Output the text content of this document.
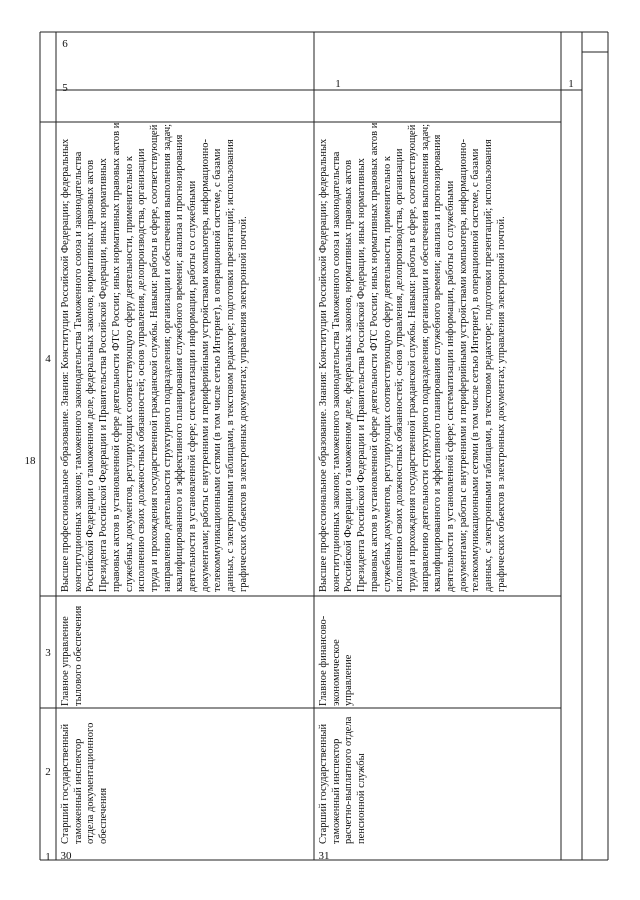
1
2
3
4
5
6
18
30
Старший государственный таможенный инспектор отдела документационного обеспечения
Главное управление тылового обеспечения
Высшее профессиональное образование. Знания: Конституции Российской Федерации; федеральных конституционных законов; таможенного законодательства Таможенного союза и законодательства Российской Федерации о таможенном деле, федеральных законов, нормативных правовых актов Президента Российской Федерации и Правительства Российской Федерации, иных нормативных правовых актов в установленной сфере деятельности ФТС России; иных нормативных правовых актов и служебных документов, регулирующих соответствующую сферу деятельности, применительно к исполнению своих должностных обязанностей; основ управления, делопроизводства, организации труда и прохождения государственной гражданской службы. Навыки: работы в сфере, соответствующей направлению деятельности структурного подразделения; организации и обеспечения выполнения задач; квалифицированного и эффективного планирования служебного времени; анализа и прогнозирования деятельности в установленной сфере; систематизации информации, работы со служебными документами; работы с внутренними и периферийными устройствами компьютера, информационно-телекоммуникационными сетями (в том числе сетью Интернет), в операционной системе, с базами данных, с электронными таблицами, в текстовом редакторе; подготовки презентаций; использования графических объектов в электронных документах; управления электронной почтой.
1
31
Старший государственный таможенный инспектор расчетно-выплатного отдела пенсионной службы
Главное финансово-экономическое управление
Высшее профессиональное образование. Знания: Конституции Российской Федерации; федеральных конституционных законов; таможенного законодательства Таможенного союза и законодательства Российской Федерации о таможенном деле, федеральных законов, нормативных правовых актов Президента Российской Федерации и Правительства Российской Федерации, иных нормативных правовых актов в установленной сфере деятельности ФТС России; иных нормативных правовых актов и служебных документов, регулирующих соответствующую сферу деятельности, применительно к исполнению своих должностных обязанностей; основ управления, делопроизводства, организации труда и прохождения государственной гражданской службы. Навыки: работы в сфере, соответствующей направлению деятельности структурного подразделения; организации и обеспечения выполнения задач; квалифицированного и эффективного планирования служебного времени; анализа и прогнозирования деятельности в установленной сфере; систематизации информации, работы со служебными документами; работы с внутренними и периферийными устройствами компьютера, информационно-телекоммуникационными сетями (в том числе сетью Интернет), в операционной системе, с базами данных, с электронными таблицами, в текстовом редакторе; подготовки презентаций; использования графических объектов в электронных документах; управления электронной почтой.
1
